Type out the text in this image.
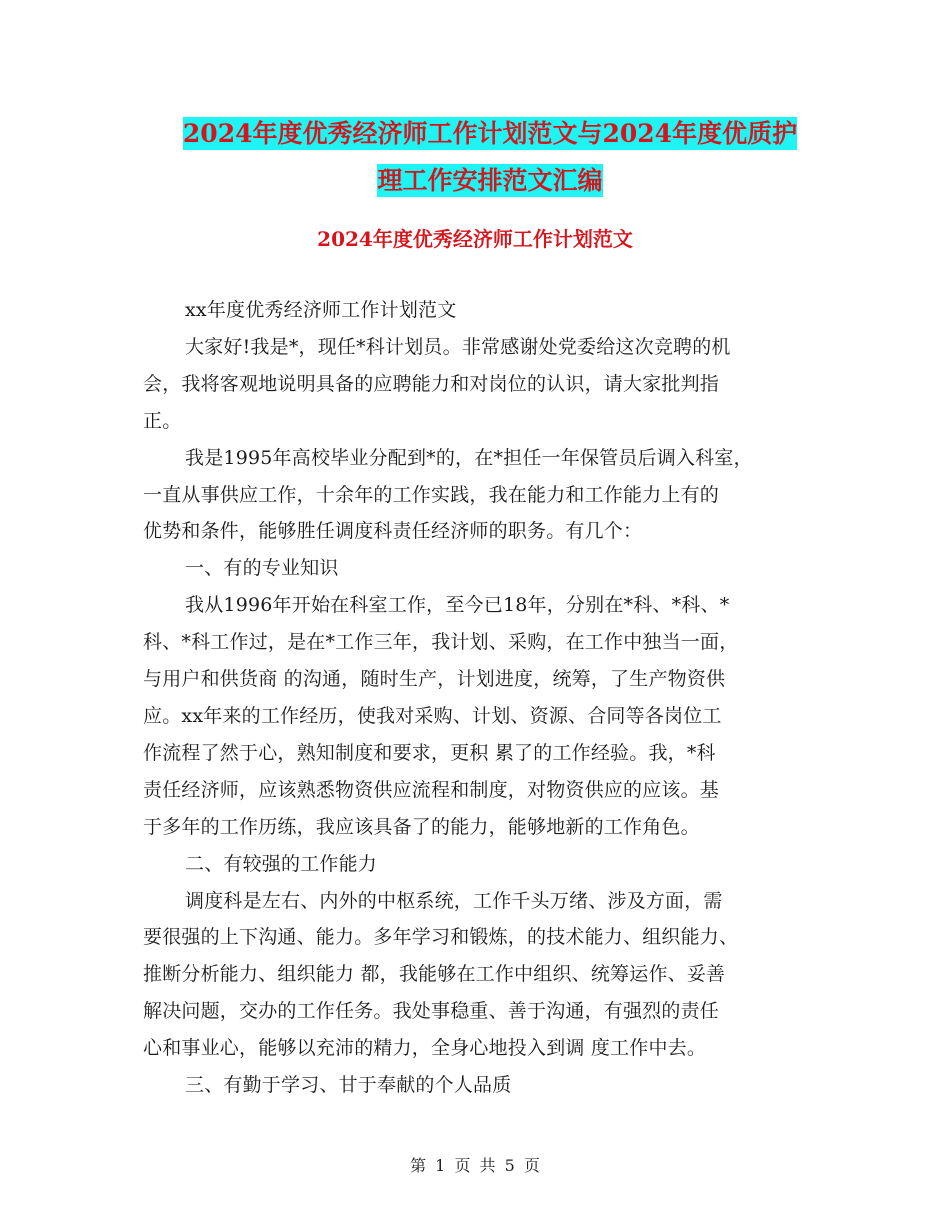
2024年度优秀经济师工作计划范文与2024年度优质护
理工作安排范文汇编
2024年度优秀经济师工作计划范文
xx年度优秀经济师工作计划范文
大家好!我是*，现任*科计划员。非常感谢处党委给这次竞聘的机
会，我将客观地说明具备的应聘能力和对岗位的认识，请大家批判指
正。
我是1995年高校毕业分配到*的，在*担任一年保管员后调入科室，
一直从事供应工作，十余年的工作实践，我在能力和工作能力上有的
优势和条件，能够胜任调度科责任经济师的职务。有几个：
一、有的专业知识
我从1996年开始在科室工作，至今已18年，分别在*科、*科、*
科、*科工作过，是在*工作三年，我计划、采购，在工作中独当一面，
与用户和供货商 的沟通，随时生产，计划进度，统筹，了生产物资供
应。xx年来的工作经历，使我对采购、计划、资源、合同等各岗位工
作流程了然于心，熟知制度和要求，更积 累了的工作经验。我，*科
责任经济师，应该熟悉物资供应流程和制度，对物资供应的应该。基
于多年的工作历练，我应该具备了的能力，能够地新的工作角色。
二、有较强的工作能力
调度科是左右、内外的中枢系统，工作千头万绪、涉及方面，需
要很强的上下沟通、能力。多年学习和锻炼，的技术能力、组织能力、
推断分析能力、组织能力 都，我能够在工作中组织、统筹运作、妥善
解决问题，交办的工作任务。我处事稳重、善于沟通，有强烈的责任
心和事业心，能够以充沛的精力，全身心地投入到调 度工作中去。
三、有勤于学习、甘于奉献的个人品质
第 1 页 共 5 页
